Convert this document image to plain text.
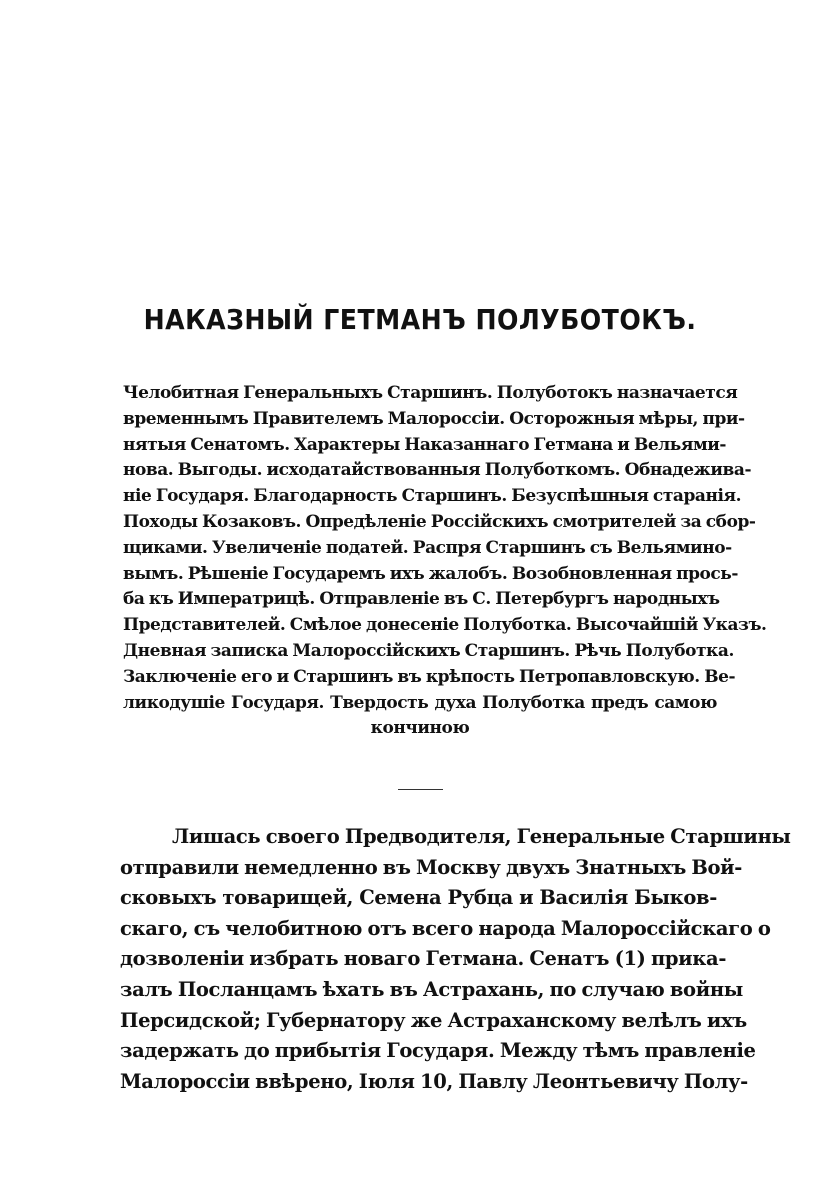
НАКАЗНЫЙ ГЕТМАНЪ ПОЛУБОТОКЪ.
Челобитная Генеральныхъ Старшинъ. Полуботокъ назначается
временнымъ Правителемъ Малороссіи. Осторожныя мѣры, при-
нятыя Сенатомъ. Характеры Наказаннаго Гетмана и Вельями-
нова. Выгоды. исходатайствованныя Полуботкомъ. Обнадеживa-
ніе Государя. Благодарность Старшинъ. Безуспѣшныя старанія.
Походы Козаковъ. Опредѣленіе Россійскихъ смотрителей за сбор-
щиками. Увеличеніе податей. Распря Старшинъ съ Вельямино-
вымъ. Рѣшеніе Государемъ ихъ жалобъ. Возобновленная прось-
ба къ Императрицѣ. Отправленіе въ С. Петербургъ народныхъ
Представителей. Смѣлое донесеніе Полуботка. Высочайшій Указъ.
Дневная записка Малороссійскихъ Старшинъ. Рѣчь Полуботка.
Заключеніе его и Старшинъ въ крѣпость Петропавловскую. Ве-
ликодушіе Государя. Твердость духа Полуботка предъ самою
кончиною
Лишась своего Предводителя, Генеральные Старшины
отправили немедленно въ Москву двухъ Знатныхъ Вой-
сковыхъ товарищей, Семена Рубца и Василія Быков-
скаго, съ челобитною отъ всего народа Малороссійскаго о
дозволеніи избрать новаго Гетмана. Сенатъ (1) прика-
залъ Посланцамъ ѣхать въ Астрахань, по случаю войны
Персидской; Губернатору же Астраханскому велѣлъ ихъ
задержать до прибытія Государя. Между тѣмъ правленіе
Малороссіи ввѣрено, Іюля 10, Павлу Леонтьевичу Полу-
